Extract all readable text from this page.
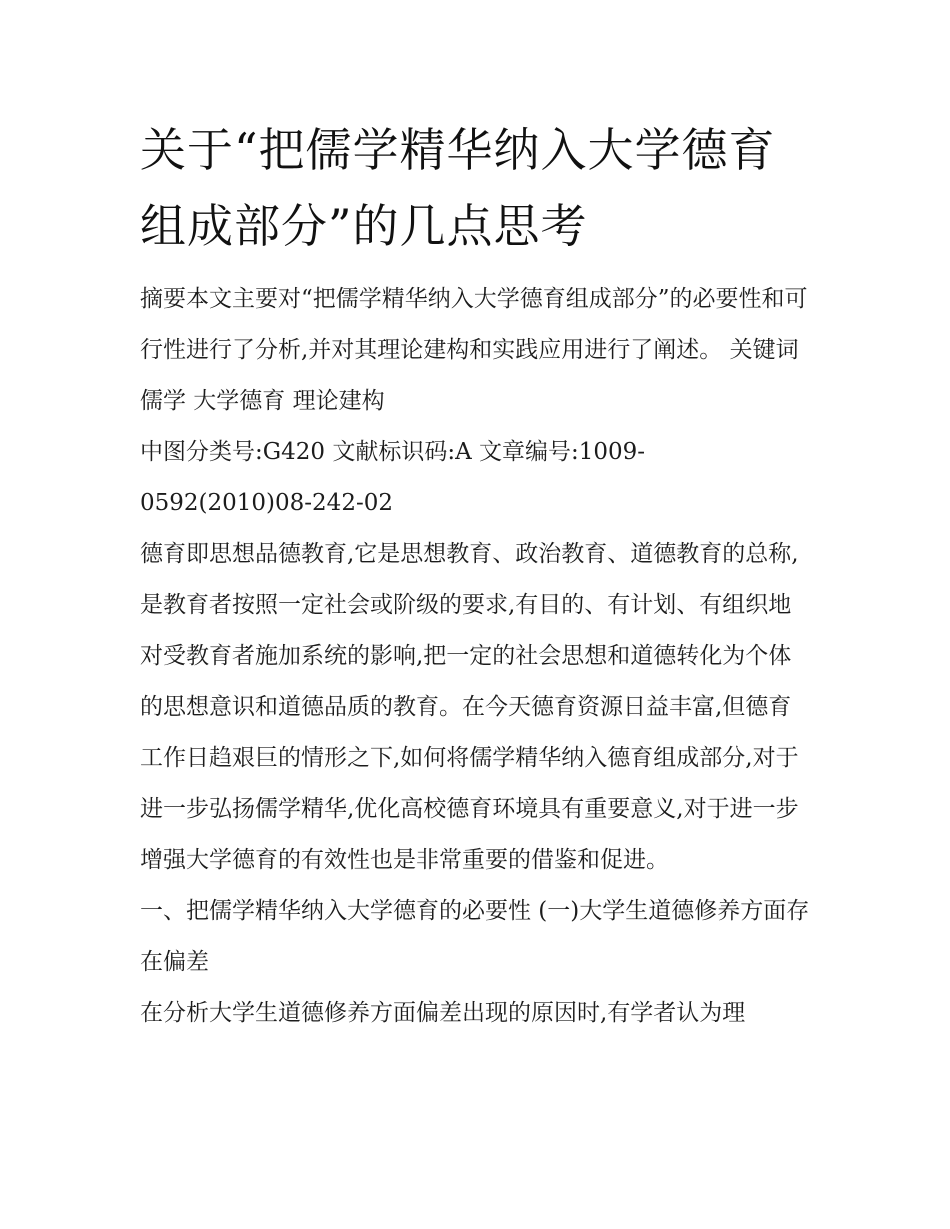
关于“把儒学精华纳入大学德育组成部分”的几点思考

摘要本文主要对“把儒学精华纳入大学德育组成部分”的必要性和可行性进行了分析,并对其理论建构和实践应用进行了阐述。 关键词儒学 大学德育 理论建构

中图分类号:G420 文献标识码:A 文章编号:1009-0592(2010)08-242-02

德育即思想品德教育,它是思想教育、政治教育、道德教育的总称,是教育者按照一定社会或阶级的要求,有目的、有计划、有组织地对受教育者施加系统的影响,把一定的社会思想和道德转化为个体的思想意识和道德品质的教育。在今天德育资源日益丰富,但德育工作日趋艰巨的情形之下,如何将儒学精华纳入德育组成部分,对于进一步弘扬儒学精华,优化高校德育环境具有重要意义,对于进一步增强大学德育的有效性也是非常重要的借鉴和促进。

一、把儒学精华纳入大学德育的必要性 (一)大学生道德修养方面存在偏差

在分析大学生道德修养方面偏差出现的原因时,有学者认为理
